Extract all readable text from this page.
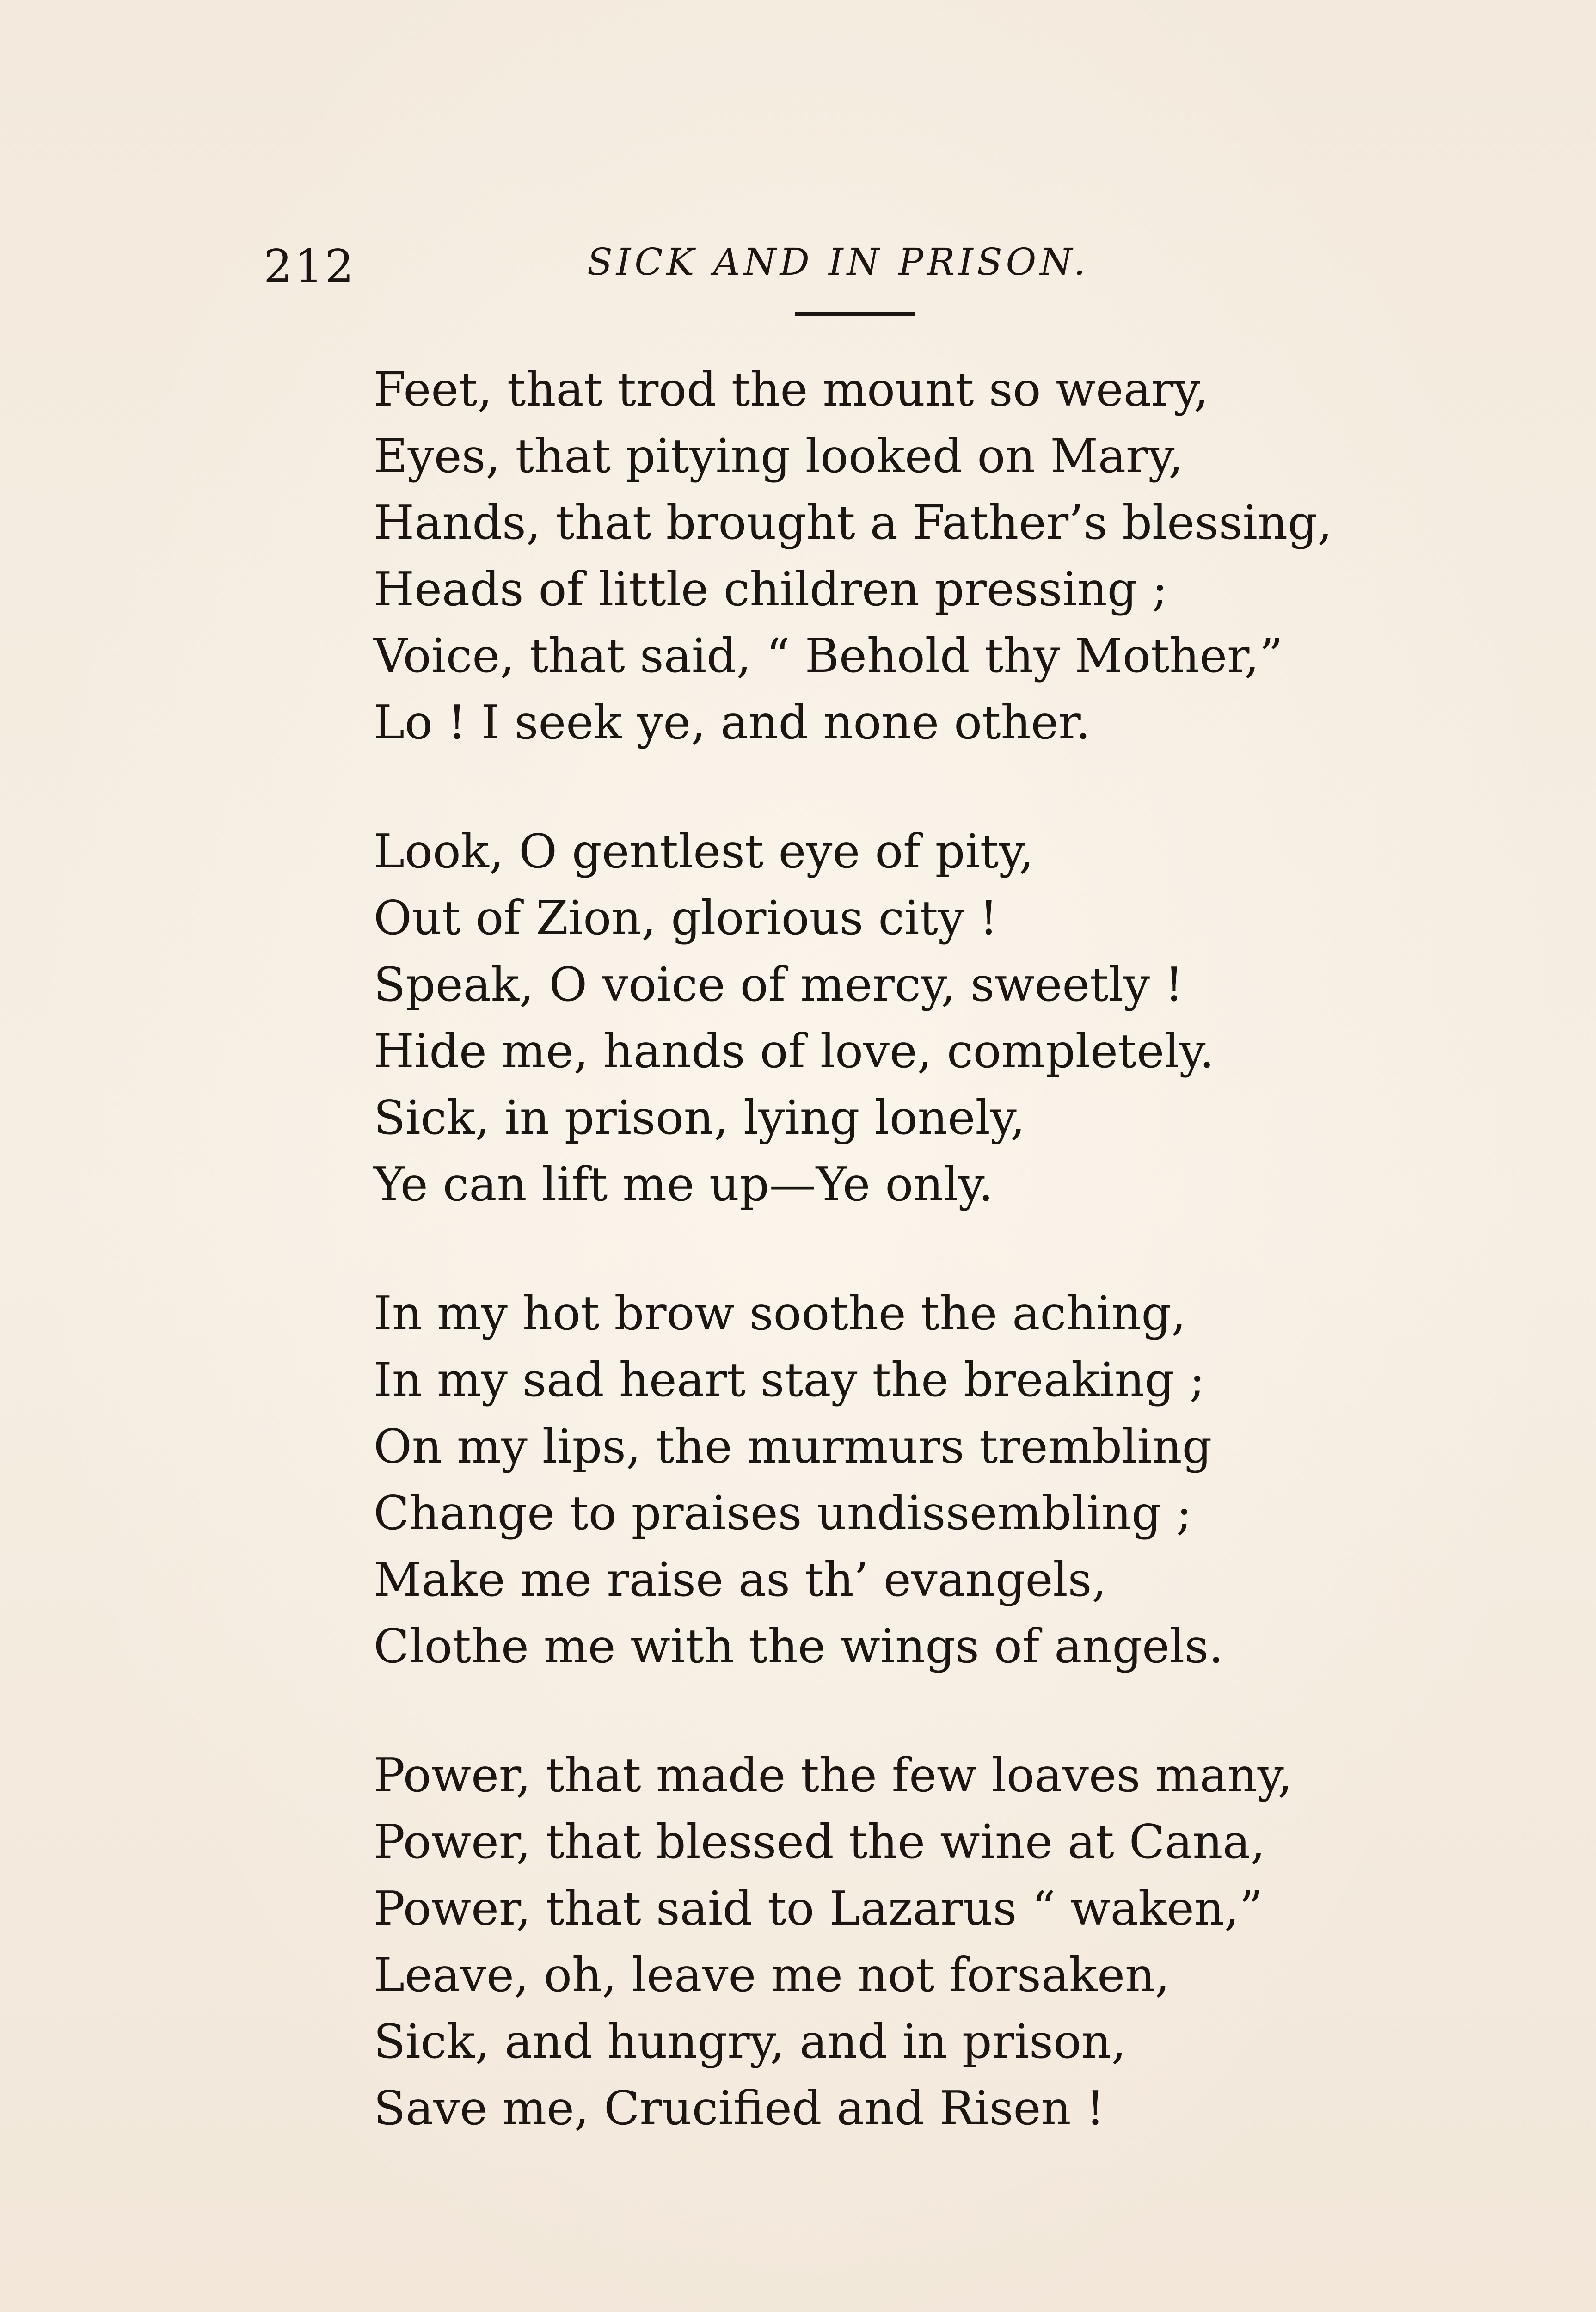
212	SICK AND IN PRISON.
Feet, that trod the mount so weary,
Eyes, that pitying looked on Mary,
Hands, that brought a Father’s blessing,
Heads of little children pressing ;
Voice, that said, “ Behold thy Mother,”
Lo ! I seek ye, and none other.
Look, O gentlest eye of pity,
Out of Zion, glorious city !
Speak, O voice of mercy, sweetly !
Hide me, hands of love, completely.
Sick, in prison, lying lonely,
Ye can lift me up—Ye only.
In my hot brow soothe the aching,
In my sad heart stay the breaking ;
On my lips, the murmurs trembling
Change to praises undissembling ;
Make me raise as th’ evangels,
Clothe me with the wings of angels.
Power, that made the few loaves many,
Power, that blessed the wine at Cana,
Power, that said to Lazarus “ waken,”
Leave, oh, leave me not forsaken,
Sick, and hungry, and in prison,
Save me, Crucified and Risen !
